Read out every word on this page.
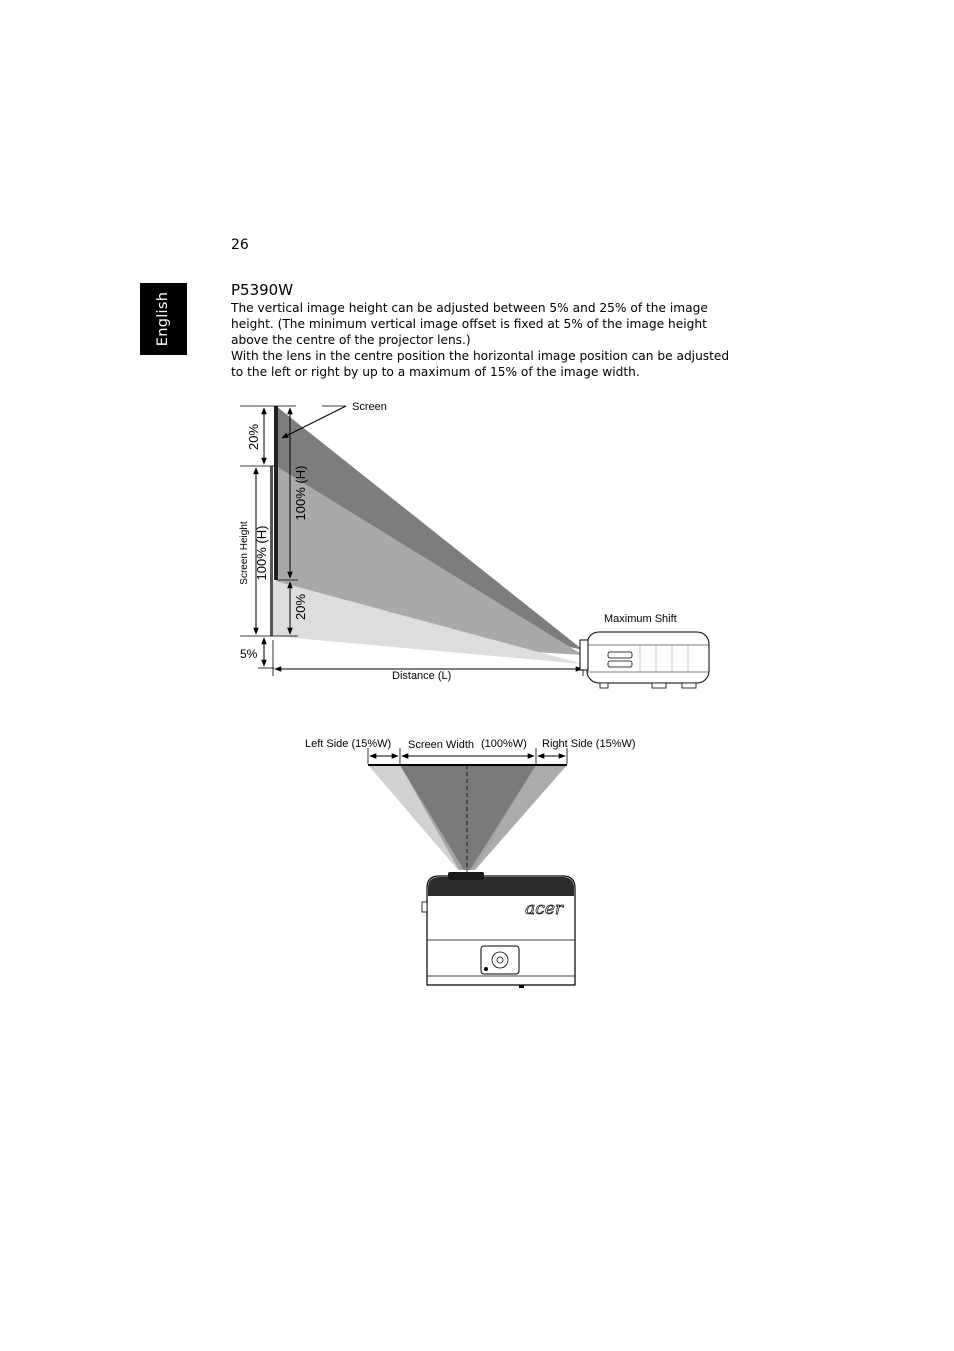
26
English
P5390W

The vertical image height can be adjusted between 5% and 25% of the image height. (The minimum vertical image offset is fixed at 5% of the image height above the centre of the projector lens.)

With the lens in the centre position the horizontal image position can be adjusted to the left or right by up to a maximum of 15% of the image width.

Screen
20%
100% (H)
Screen Height 100% (H)
20%
5%
Distance (L)
Maximum Shift
Left Side (15%W) Screen Width (100%W) Right Side (15%W)
acer
